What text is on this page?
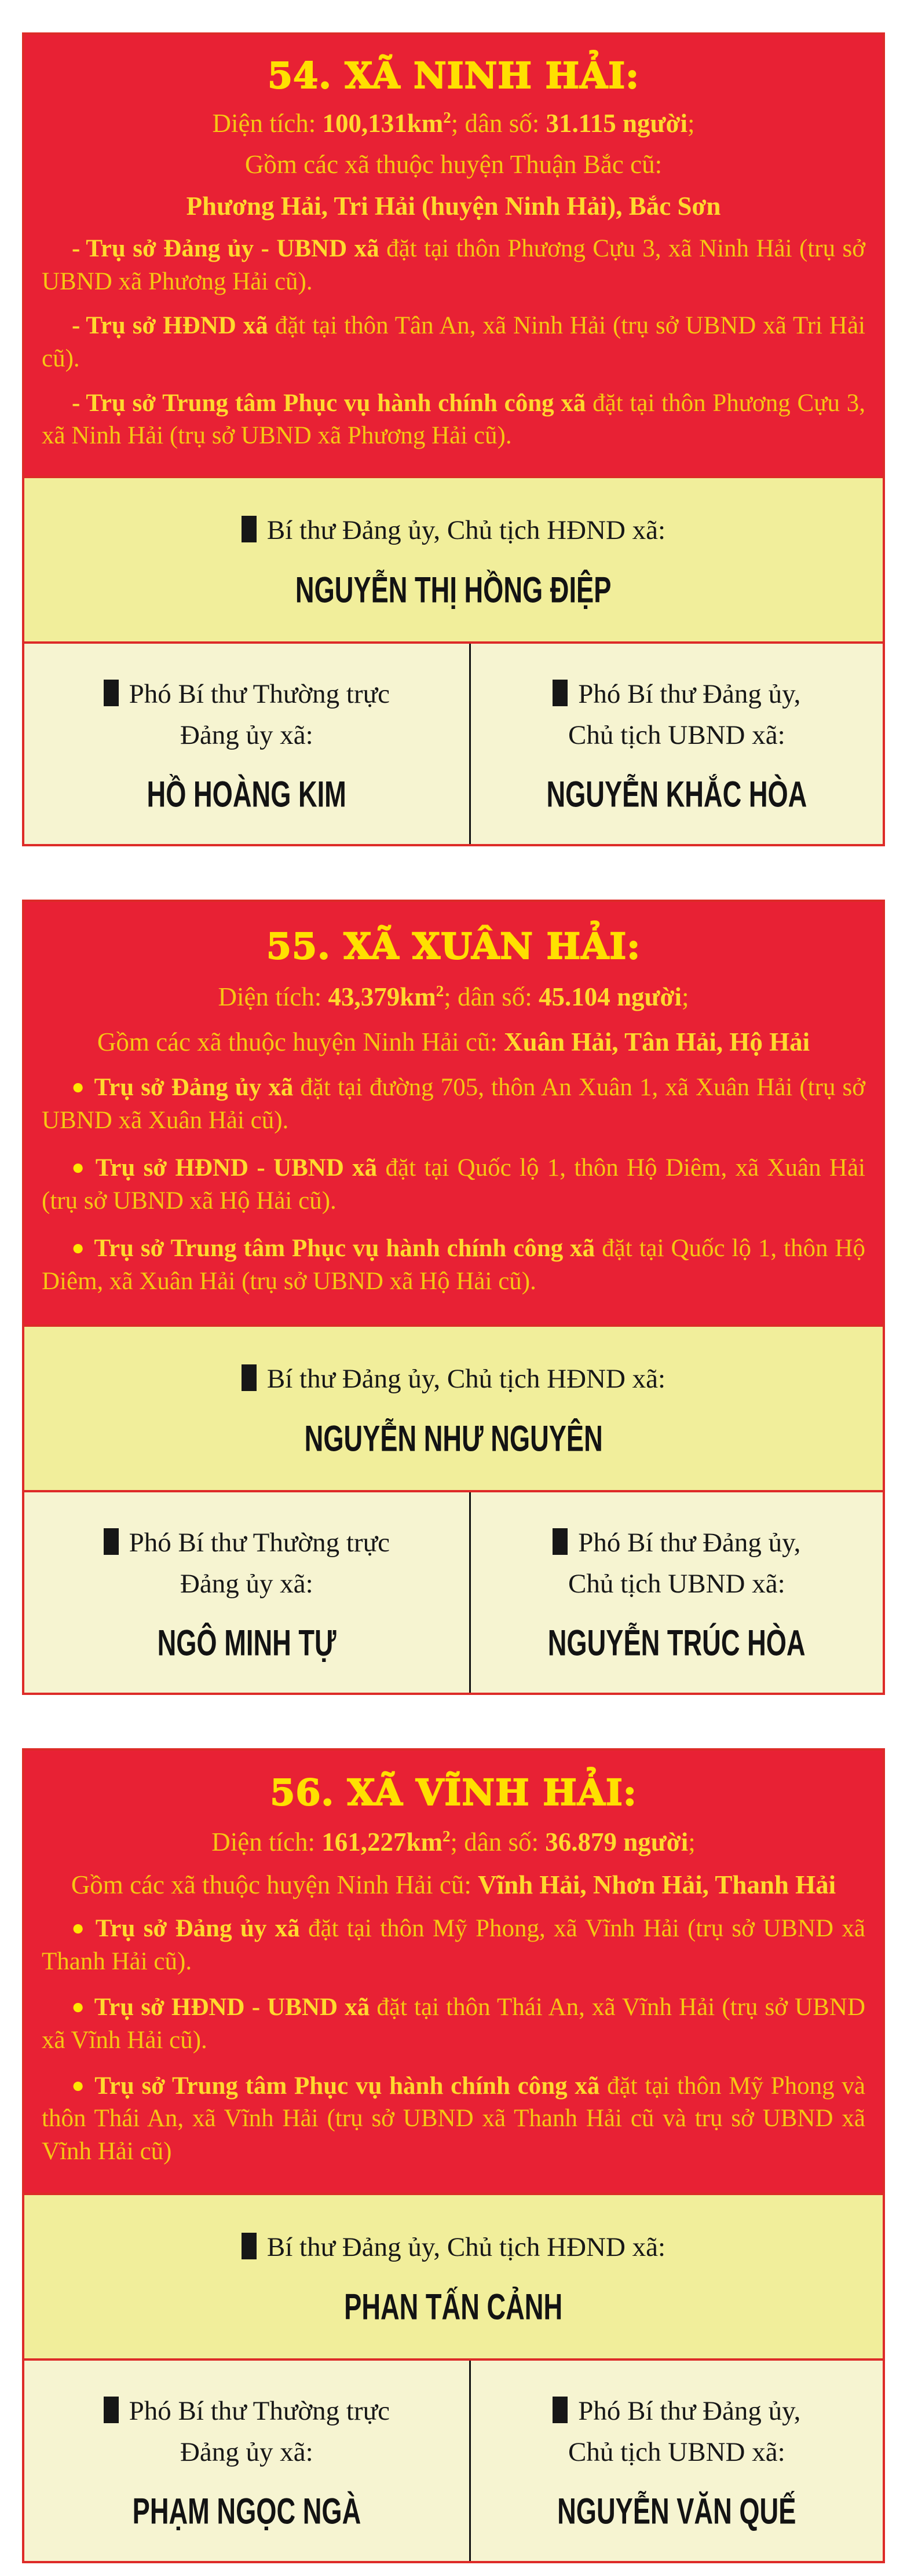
54. XÃ NINH HẢI:

Diện tích: $100,131km^2$; dân số: 31.115 người;

Gồm các xã thuộc huyện Thuận Bắc cũ:

Phương Hải, Tri Hải (huyện Ninh Hải), Bắc Sơn

- Trụ sở Đảng ủy - UBND xã đặt tại thôn Phương Cựu 3, xã Ninh Hải (trụ sở UBND xã Phương Hải cũ).

- Trụ sở HĐND xã đặt tại thôn Tân An, xã Ninh Hải (trụ sở UBND xã Tri Hải cũ).

- Trụ sở Trung tâm Phục vụ hành chính công xã đặt tại thôn Phương Cựu 3, xã Ninh Hải (trụ sở UBND xã Phương Hải cũ).

Bí thư Đảng ủy, Chủ tịch HĐND xã:

NGUYỄN THỊ HỒNG ĐIỆP

Phó Bí thư Thường trực
Đảng ủy xã:

HỒ HOÀNG KIM

Phó Bí thư Đảng ủy,
Chủ tịch UBND xã:

NGUYỄN KHẮC HÒA

55. XÃ XUÂN HẢI:

Diện tích: $43,379km^2$; dân số: 45.104 người;

Gồm các xã thuộc huyện Ninh Hải cũ: Xuân Hải, Tân Hải, Hộ Hải

● Trụ sở Đảng ủy xã đặt tại đường 705, thôn An Xuân 1, xã Xuân Hải (trụ sở UBND xã Xuân Hải cũ).

● Trụ sở HĐND - UBND xã đặt tại Quốc lộ 1, thôn Hộ Diêm, xã Xuân Hải (trụ sở UBND xã Hộ Hải cũ).

● Trụ sở Trung tâm Phục vụ hành chính công xã đặt tại Quốc lộ 1, thôn Hộ Diêm, xã Xuân Hải (trụ sở UBND xã Hộ Hải cũ).

Bí thư Đảng ủy, Chủ tịch HĐND xã:

NGUYỄN NHƯ NGUYÊN

Phó Bí thư Thường trực
Đảng ủy xã:

NGÔ MINH TỰ

Phó Bí thư Đảng ủy,
Chủ tịch UBND xã:

NGUYỄN TRÚC HÒA

56. XÃ VĨNH HẢI:

Diện tích: $161,227km^2$; dân số: 36.879 người;

Gồm các xã thuộc huyện Ninh Hải cũ: Vĩnh Hải, Nhơn Hải, Thanh Hải

● Trụ sở Đảng ủy xã đặt tại thôn Mỹ Phong, xã Vĩnh Hải (trụ sở UBND xã Thanh Hải cũ).

● Trụ sở HĐND - UBND xã đặt tại thôn Thái An, xã Vĩnh Hải (trụ sở UBND xã Vĩnh Hải cũ).

● Trụ sở Trung tâm Phục vụ hành chính công xã đặt tại thôn Mỹ Phong và thôn Thái An, xã Vĩnh Hải (trụ sở UBND xã Thanh Hải cũ và trụ sở UBND xã Vĩnh Hải cũ)

Bí thư Đảng ủy, Chủ tịch HĐND xã:

PHAN TẤN CẢNH

Phó Bí thư Thường trực
Đảng ủy xã:

PHẠM NGỌC NGÀ

Phó Bí thư Đảng ủy,
Chủ tịch UBND xã:

NGUYỄN VĂN QUẾ
